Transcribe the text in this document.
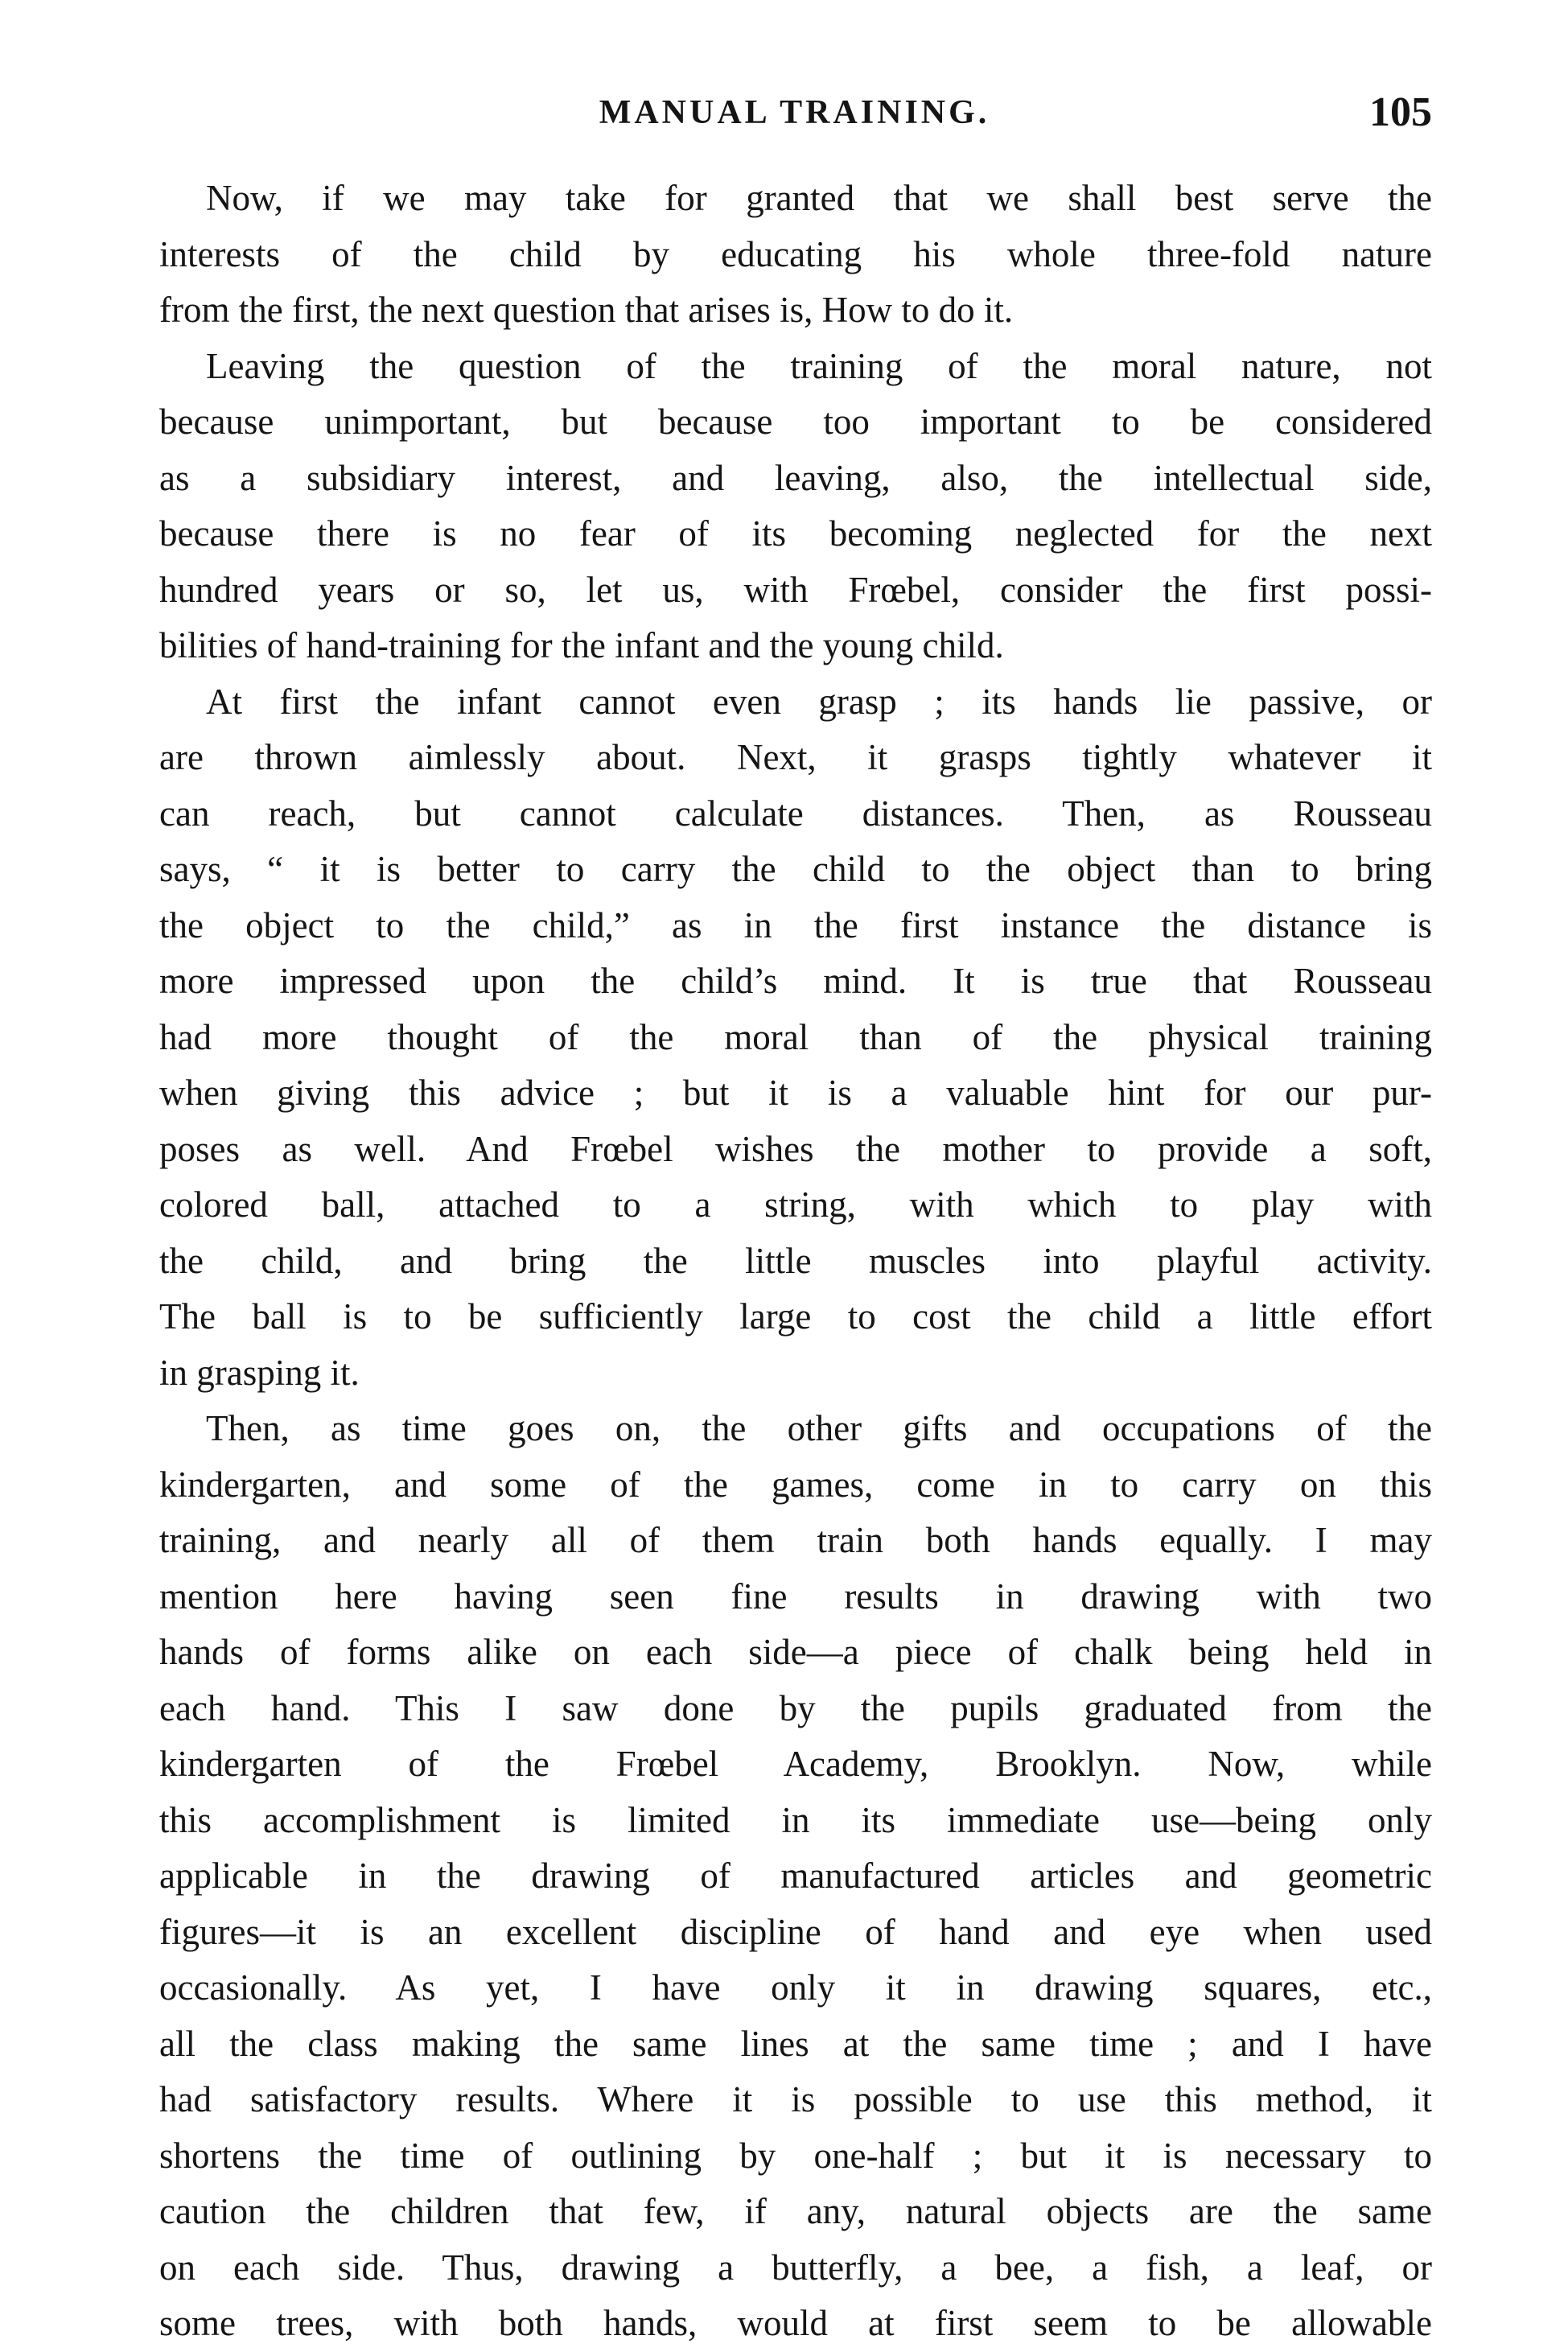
MANUAL TRAINING.	105
Now, if we may take for granted that we shall best serve the
interests of the child by educating his whole three-fold nature
from the first, the next question that arises is, How to do it.
Leaving the question of the training of the moral nature, not
because unimportant, but because too important to be considered
as a subsidiary interest, and leaving, also, the intellectual side,
because there is no fear of its becoming neglected for the next
hundred years or so, let us, with Frœbel, consider the first possi-
bilities of hand-training for the infant and the young child.
At first the infant cannot even grasp ; its hands lie passive, or
are thrown aimlessly about. Next, it grasps tightly whatever it
can reach, but cannot calculate distances. Then, as Rousseau
says, “ it is better to carry the child to the object than to bring
the object to the child,” as in the first instance the distance is
more impressed upon the child’s mind. It is true that Rousseau
had more thought of the moral than of the physical training
when giving this advice ; but it is a valuable hint for our pur-
poses as well. And Frœbel wishes the mother to provide a soft,
colored ball, attached to a string, with which to play with
the child, and bring the little muscles into playful activity.
The ball is to be sufficiently large to cost the child a little effort
in grasping it.
Then, as time goes on, the other gifts and occupations of the
kindergarten, and some of the games, come in to carry on this
training, and nearly all of them train both hands equally. I may
mention here having seen fine results in drawing with two
hands of forms alike on each side—a piece of chalk being held in
each hand. This I saw done by the pupils graduated from the
kindergarten of the Frœbel Academy, Brooklyn. Now, while
this accomplishment is limited in its immediate use—being only
applicable in the drawing of manufactured articles and geometric
figures—it is an excellent discipline of hand and eye when used
occasionally. As yet, I have only it in drawing squares, etc.,
all the class making the same lines at the same time ; and I have
had satisfactory results. Where it is possible to use this method, it
shortens the time of outlining by one-half ; but it is necessary to
caution the children that few, if any, natural objects are the same
on each side. Thus, drawing a butterfly, a bee, a fish, a leaf, or
some trees, with both hands, would at first seem to be allowable
